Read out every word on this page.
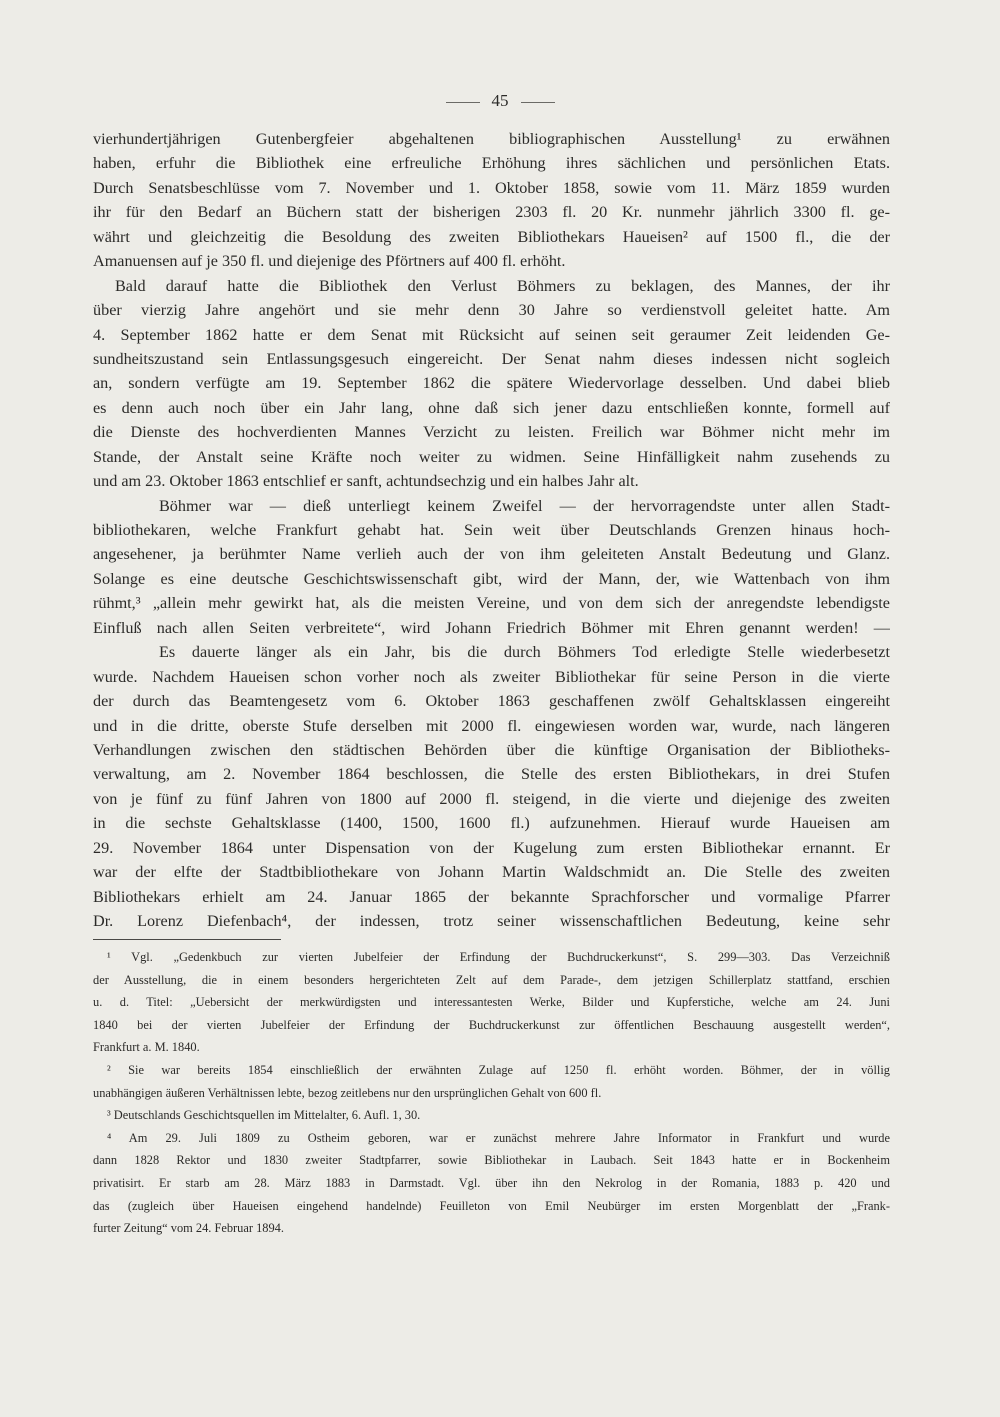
45
vierhundertjährigen Gutenbergfeier abgehaltenen bibliographischen Ausstellung¹ zu erwähnen
haben, erfuhr die Bibliothek eine erfreuliche Erhöhung ihres sächlichen und persönlichen Etats.
Durch Senatsbeschlüsse vom 7. November und 1. Oktober 1858, sowie vom 11. März 1859 wurden
ihr für den Bedarf an Büchern statt der bisherigen 2303 fl. 20 Kr. nunmehr jährlich 3300 fl. ge-
währt und gleichzeitig die Besoldung des zweiten Bibliothekars Haueisen² auf 1500 fl., die der
Amanuensen auf je 350 fl. und diejenige des Pförtners auf 400 fl. erhöht.
Bald darauf hatte die Bibliothek den Verlust Böhmers zu beklagen, des Mannes, der ihr
über vierzig Jahre angehört und sie mehr denn 30 Jahre so verdienstvoll geleitet hatte. Am
4. September 1862 hatte er dem Senat mit Rücksicht auf seinen seit geraumer Zeit leidenden Ge-
sundheitszustand sein Entlassungsgesuch eingereicht. Der Senat nahm dieses indessen nicht sogleich
an, sondern verfügte am 19. September 1862 die spätere Wiedervorlage desselben. Und dabei blieb
es denn auch noch über ein Jahr lang, ohne daß sich jener dazu entschließen konnte, formell auf
die Dienste des hochverdienten Mannes Verzicht zu leisten. Freilich war Böhmer nicht mehr im
Stande, der Anstalt seine Kräfte noch weiter zu widmen. Seine Hinfälligkeit nahm zusehends zu
und am 23. Oktober 1863 entschlief er sanft, achtundsechzig und ein halbes Jahr alt.
Böhmer war — dieß unterliegt keinem Zweifel — der hervorragendste unter allen Stadt-
bibliothekaren, welche Frankfurt gehabt hat. Sein weit über Deutschlands Grenzen hinaus hoch-
angesehener, ja berühmter Name verlieh auch der von ihm geleiteten Anstalt Bedeutung und Glanz.
Solange es eine deutsche Geschichtswissenschaft gibt, wird der Mann, der, wie Wattenbach von ihm
rühmt,³ „allein mehr gewirkt hat, als die meisten Vereine, und von dem sich der anregendste lebendigste
Einfluß nach allen Seiten verbreitete“, wird Johann Friedrich Böhmer mit Ehren genannt werden! —
Es dauerte länger als ein Jahr, bis die durch Böhmers Tod erledigte Stelle wiederbesetzt
wurde. Nachdem Haueisen schon vorher noch als zweiter Bibliothekar für seine Person in die vierte
der durch das Beamtengesetz vom 6. Oktober 1863 geschaffenen zwölf Gehaltsklassen eingereiht
und in die dritte, oberste Stufe derselben mit 2000 fl. eingewiesen worden war, wurde, nach längeren
Verhandlungen zwischen den städtischen Behörden über die künftige Organisation der Bibliotheks-
verwaltung, am 2. November 1864 beschlossen, die Stelle des ersten Bibliothekars, in drei Stufen
von je fünf zu fünf Jahren von 1800 auf 2000 fl. steigend, in die vierte und diejenige des zweiten
in die sechste Gehaltsklasse (1400, 1500, 1600 fl.) aufzunehmen. Hierauf wurde Haueisen am
29. November 1864 unter Dispensation von der Kugelung zum ersten Bibliothekar ernannt. Er
war der elfte der Stadtbibliothekare von Johann Martin Waldschmidt an. Die Stelle des zweiten
Bibliothekars erhielt am 24. Januar 1865 der bekannte Sprachforscher und vormalige Pfarrer
Dr. Lorenz Diefenbach⁴, der indessen, trotz seiner wissenschaftlichen Bedeutung, keine sehr
¹ Vgl. „Gedenkbuch zur vierten Jubelfeier der Erfindung der Buchdruckerkunst“, S. 299—303. Das Verzeichniß
der Ausstellung, die in einem besonders hergerichteten Zelt auf dem Parade-, dem jetzigen Schillerplatz stattfand, erschien
u. d. Titel: „Uebersicht der merkwürdigsten und interessantesten Werke, Bilder und Kupferstiche, welche am 24. Juni
1840 bei der vierten Jubelfeier der Erfindung der Buchdruckerkunst zur öffentlichen Beschauung ausgestellt werden“,
Frankfurt a. M. 1840.
² Sie war bereits 1854 einschließlich der erwähnten Zulage auf 1250 fl. erhöht worden. Böhmer, der in völlig
unabhängigen äußeren Verhältnissen lebte, bezog zeitlebens nur den ursprünglichen Gehalt von 600 fl.
³ Deutschlands Geschichtsquellen im Mittelalter, 6. Aufl. 1, 30.
⁴ Am 29. Juli 1809 zu Ostheim geboren, war er zunächst mehrere Jahre Informator in Frankfurt und wurde
dann 1828 Rektor und 1830 zweiter Stadtpfarrer, sowie Bibliothekar in Laubach. Seit 1843 hatte er in Bockenheim
privatisirt. Er starb am 28. März 1883 in Darmstadt. Vgl. über ihn den Nekrolog in der Romania, 1883 p. 420 und
das (zugleich über Haueisen eingehend handelnde) Feuilleton von Emil Neubürger im ersten Morgenblatt der „Frank-
furter Zeitung“ vom 24. Februar 1894.
